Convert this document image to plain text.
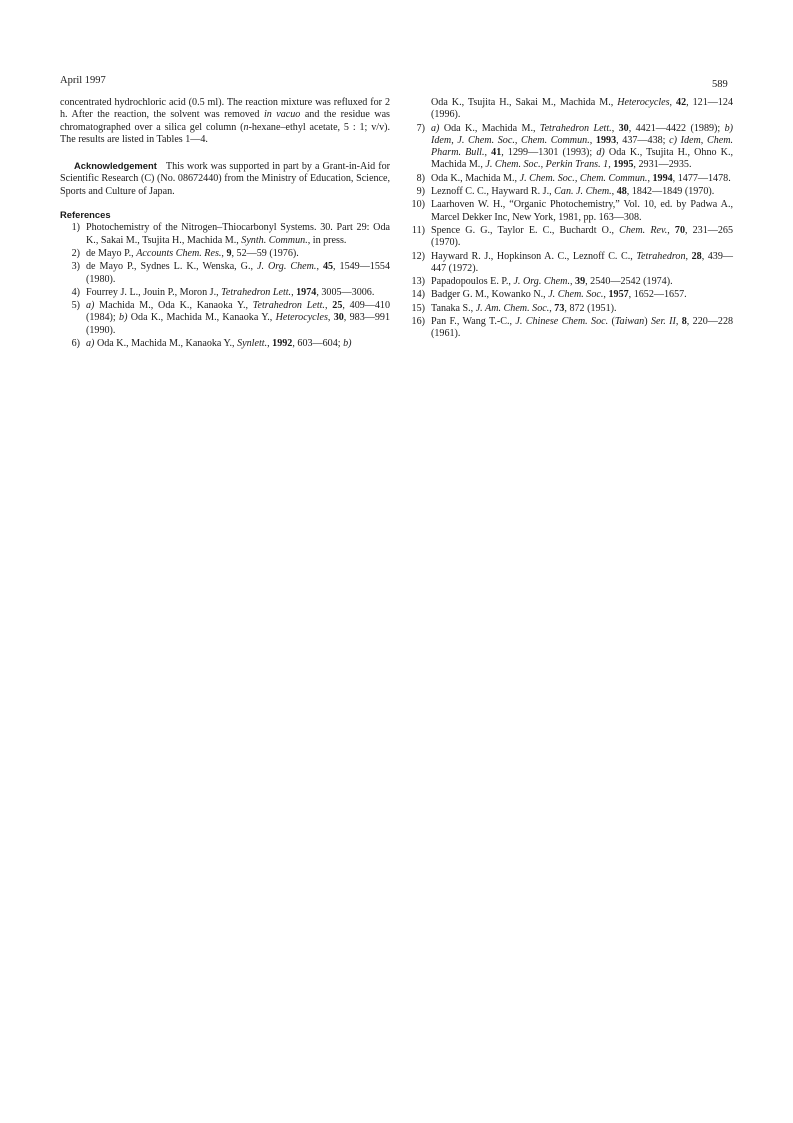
April 1997	589

concentrated hydrochloric acid (0.5 ml). The reaction mixture was refluxed for 2 h. After the reaction, the solvent was removed in vacuo and the residue was chromatographed over a silica gel column (n-hexane–ethyl acetate, 5 : 1; v/v). The results are listed in Tables 1—4.

Acknowledgement This work was supported in part by a Grant-in-Aid for Scientific Research (C) (No. 08672440) from the Ministry of Education, Science, Sports and Culture of Japan.

References
1) Photochemistry of the Nitrogen–Thiocarbonyl Systems. 30. Part 29: Oda K., Sakai M., Tsujita H., Machida M., Synth. Commun., in press.
2) de Mayo P., Accounts Chem. Res., 9, 52—59 (1976).
3) de Mayo P., Sydnes L. K., Wenska, G., J. Org. Chem., 45, 1549—1554 (1980).
4) Fourrey J. L., Jouin P., Moron J., Tetrahedron Lett., 1974, 3005—3006.
5) a) Machida M., Oda K., Kanaoka Y., Tetrahedron Lett., 25, 409—410 (1984); b) Oda K., Machida M., Kanaoka Y., Heterocycles, 30, 983—991 (1990).
6) a) Oda K., Machida M., Kanaoka Y., Synlett., 1992, 603—604; b)
Oda K., Tsujita H., Sakai M., Machida M., Heterocycles, 42, 121—124 (1996).
7) a) Oda K., Machida M., Tetrahedron Lett., 30, 4421—4422 (1989); b) Idem, J. Chem. Soc., Chem. Commun., 1993, 437—438; c) Idem, Chem. Pharm. Bull., 41, 1299—1301 (1993); d) Oda K., Tsujita H., Ohno K., Machida M., J. Chem. Soc., Perkin Trans. 1, 1995, 2931—2935.
8) Oda K., Machida M., J. Chem. Soc., Chem. Commun., 1994, 1477—1478.
9) Leznoff C. C., Hayward R. J., Can. J. Chem., 48, 1842—1849 (1970).
10) Laarhoven W. H., “Organic Photochemistry,” Vol. 10, ed. by Padwa A., Marcel Dekker Inc, New York, 1981, pp. 163—308.
11) Spence G. G., Taylor E. C., Buchardt O., Chem. Rev., 70, 231—265 (1970).
12) Hayward R. J., Hopkinson A. C., Leznoff C. C., Tetrahedron, 28, 439—447 (1972).
13) Papadopoulos E. P., J. Org. Chem., 39, 2540—2542 (1974).
14) Badger G. M., Kowanko N., J. Chem. Soc., 1957, 1652—1657.
15) Tanaka S., J. Am. Chem. Soc., 73, 872 (1951).
16) Pan F., Wang T.-C., J. Chinese Chem. Soc. (Taiwan) Ser. II, 8, 220—228 (1961).
